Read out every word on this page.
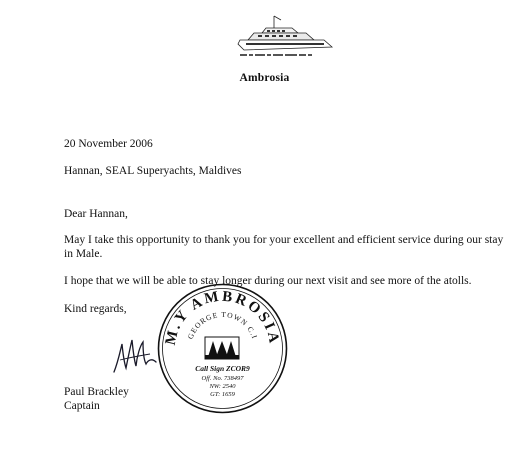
Ambrosia
20 November 2006
Hannan, SEAL Superyachts, Maldives
Dear Hannan,
May I take this opportunity to thank you for your excellent and efficient service during our stay in Male.
I hope that we will be able to stay longer during our next visit and see more of the atolls.
Kind regards,
Paul Brackley
Captain
M.Y AMBROSIA
GEORGE TOWN C.I
Call Sign ZCOR9
Off. No. 738497
NW: 2540
GT: 1659
